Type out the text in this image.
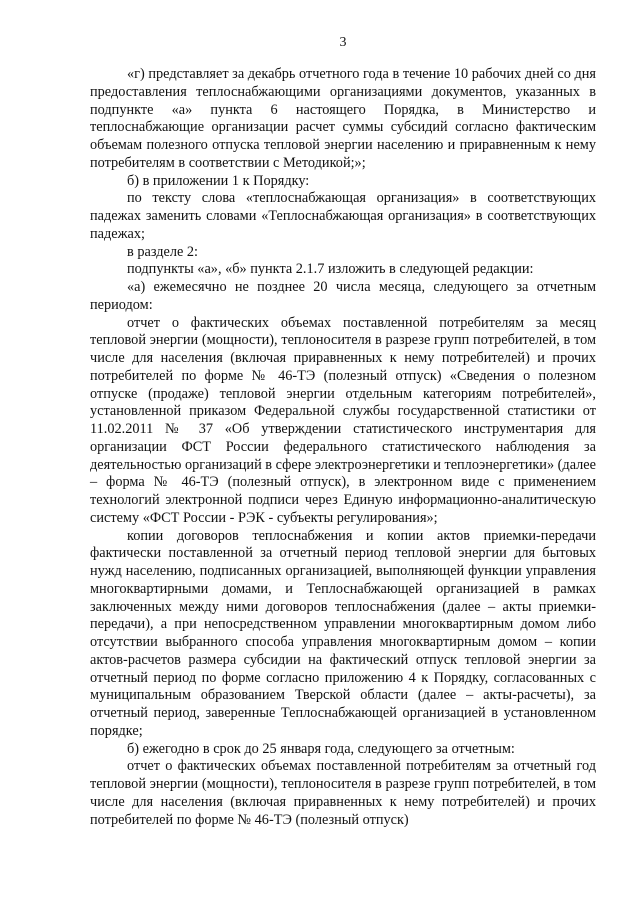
3

«г) представляет за декабрь отчетного года в течение 10 рабочих дней со дня предоставления теплоснабжающими организациями документов, указанных в подпункте «а» пункта 6 настоящего Порядка, в Министерство и теплоснабжающие организации расчет суммы субсидий согласно фактическим объемам полезного отпуска тепловой энергии населению и приравненным к нему потребителям в соответствии с Методикой;»;

б) в приложении 1 к Порядку:

по тексту слова «теплоснабжающая организация» в соответствующих падежах заменить словами «Теплоснабжающая организация» в соответствующих падежах;

в разделе 2:

подпункты «а», «б» пункта 2.1.7 изложить в следующей редакции:

«а) ежемесячно не позднее 20 числа месяца, следующего за отчетным периодом:

отчет о фактических объемах поставленной потребителям за месяц тепловой энергии (мощности), теплоносителя в разрезе групп потребителей, в том числе для населения (включая приравненных к нему потребителей) и прочих потребителей по форме № 46-ТЭ (полезный отпуск) «Сведения о полезном отпуске (продаже) тепловой энергии отдельным категориям потребителей», установленной приказом Федеральной службы государственной статистики от 11.02.2011 № 37 «Об утверждении статистического инструментария для организации ФСТ России федерального статистического наблюдения за деятельностью организаций в сфере электроэнергетики и теплоэнергетики» (далее – форма № 46-ТЭ (полезный отпуск), в электронном виде с применением технологий электронной подписи через Единую информационно-аналитическую систему «ФСТ России - РЭК - субъекты регулирования»;

копии договоров теплоснабжения и копии актов приемки-передачи фактически поставленной за отчетный период тепловой энергии для бытовых нужд населению, подписанных организацией, выполняющей функции управления многоквартирными домами, и Теплоснабжающей организацией в рамках заключенных между ними договоров теплоснабжения (далее – акты приемки-передачи), а при непосредственном управлении многоквартирным домом либо отсутствии выбранного способа управления многоквартирным домом – копии актов-расчетов размера субсидии на фактический отпуск тепловой энергии за отчетный период по форме согласно приложению 4 к Порядку, согласованных с муниципальным образованием Тверской области (далее – акты-расчеты), за отчетный период, заверенные Теплоснабжающей организацией в установленном порядке;

б) ежегодно в срок до 25 января года, следующего за отчетным:

отчет о фактических объемах поставленной потребителям за отчетный год тепловой энергии (мощности), теплоносителя в разрезе групп потребителей, в том числе для населения (включая приравненных к нему потребителей) и прочих потребителей по форме № 46-ТЭ (полезный отпуск)
